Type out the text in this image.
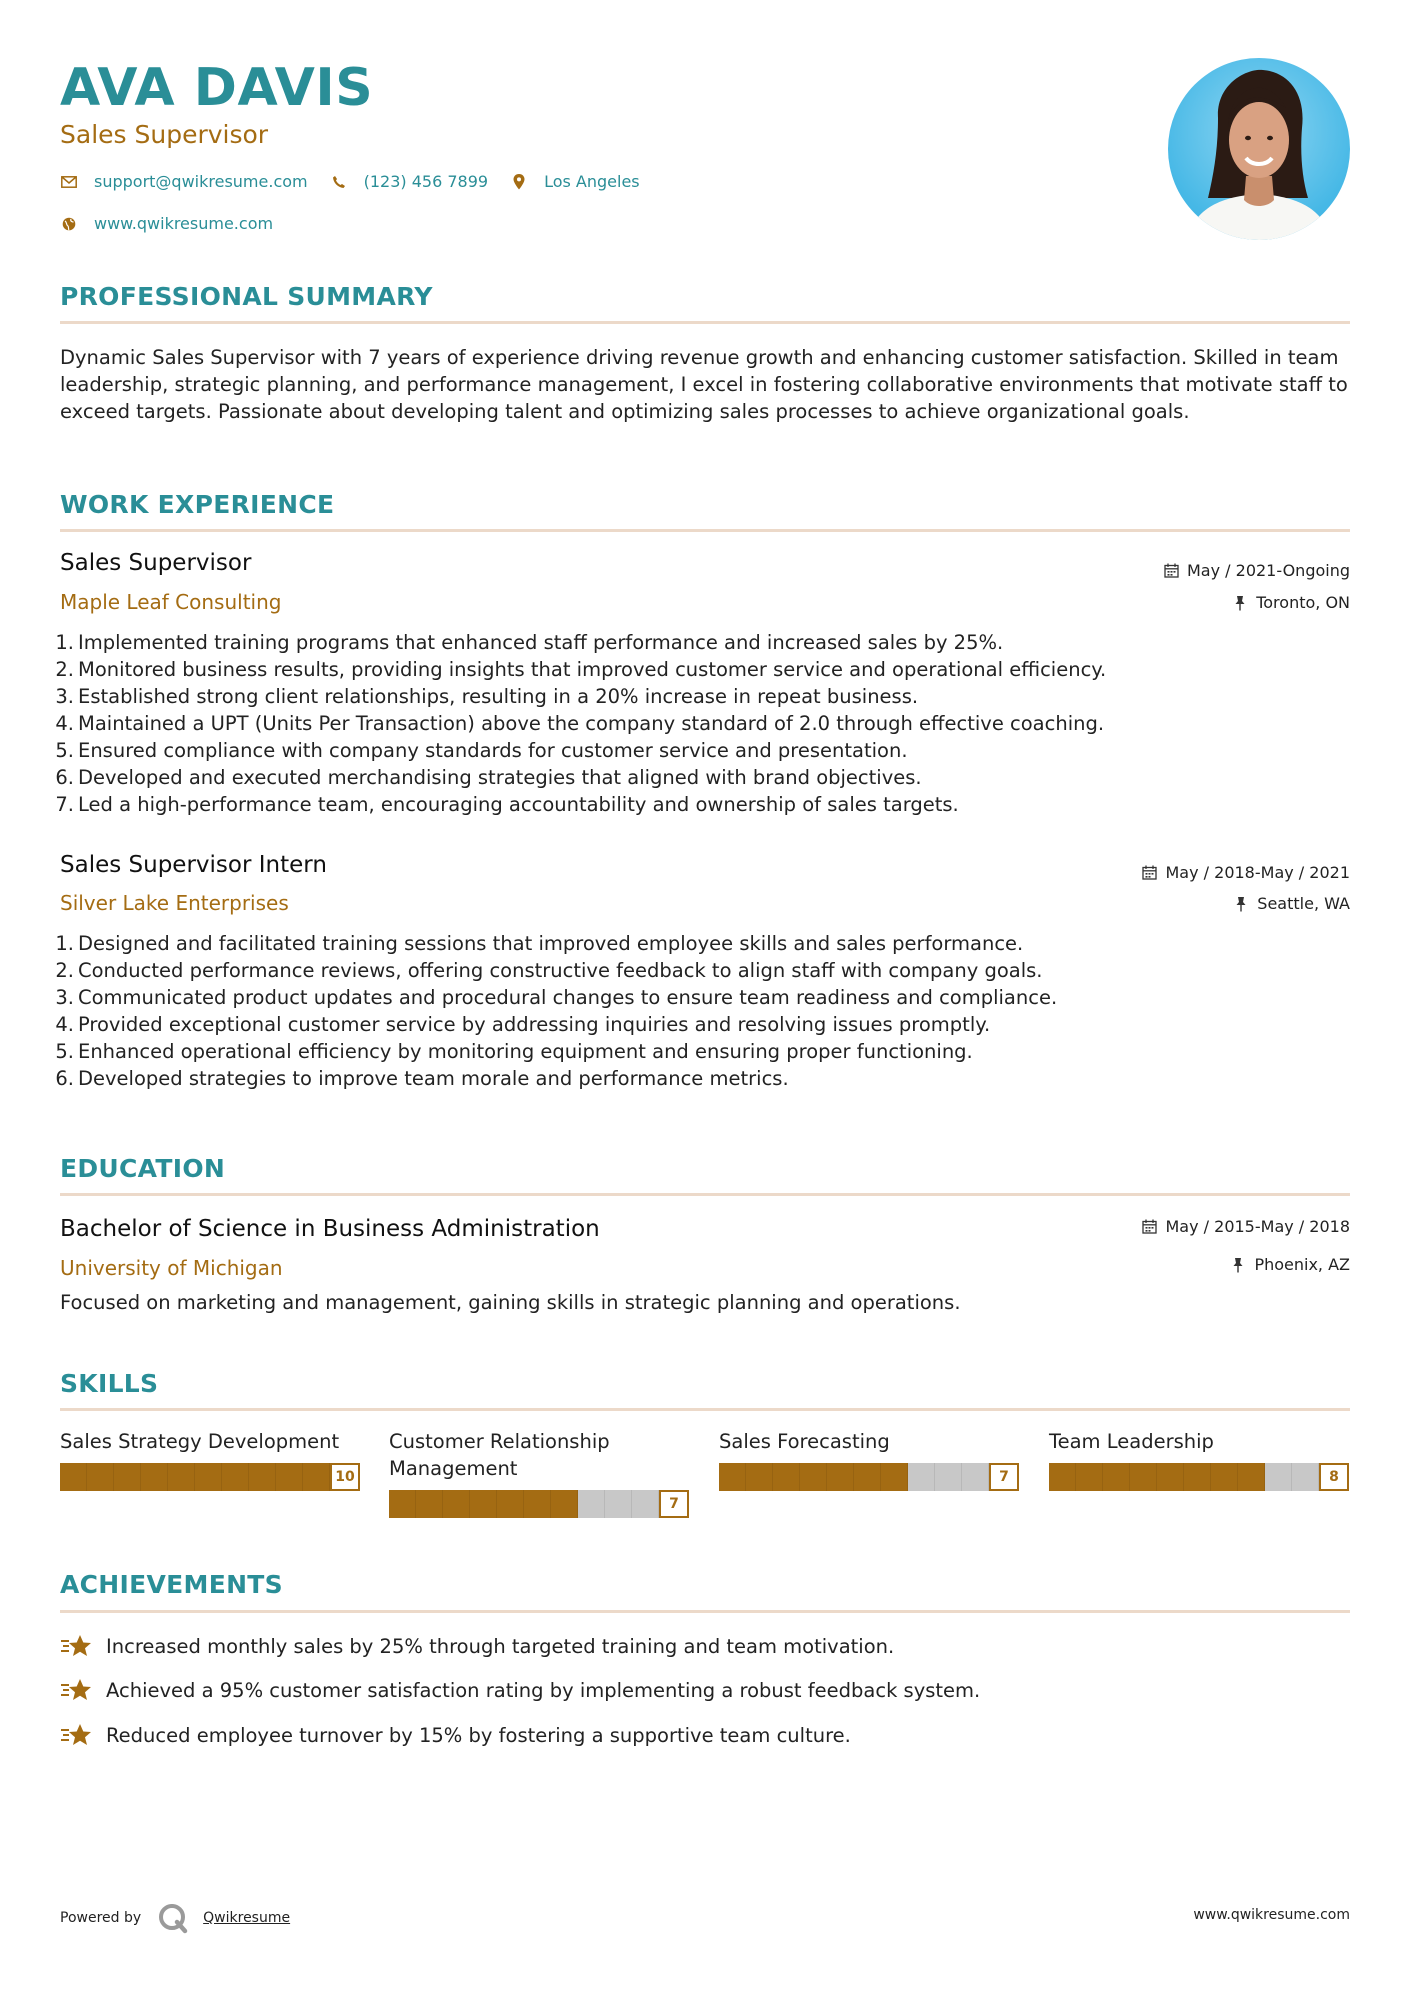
AVA DAVIS
Sales Supervisor
support@qwikresume.com	(123) 456 7899	Los Angeles
www.qwikresume.com
PROFESSIONAL SUMMARY
Dynamic Sales Supervisor with 7 years of experience driving revenue growth and enhancing customer satisfaction. Skilled in team leadership, strategic planning, and performance management, I excel in fostering collaborative environments that motivate staff to exceed targets. Passionate about developing talent and optimizing sales processes to achieve organizational goals.
WORK EXPERIENCE
Sales Supervisor
Maple Leaf Consulting
May / 2021-Ongoing
Toronto, ON
1. Implemented training programs that enhanced staff performance and increased sales by 25%.
2. Monitored business results, providing insights that improved customer service and operational efficiency.
3. Established strong client relationships, resulting in a 20% increase in repeat business.
4. Maintained a UPT (Units Per Transaction) above the company standard of 2.0 through effective coaching.
5. Ensured compliance with company standards for customer service and presentation.
6. Developed and executed merchandising strategies that aligned with brand objectives.
7. Led a high-performance team, encouraging accountability and ownership of sales targets.
Sales Supervisor Intern
Silver Lake Enterprises
May / 2018-May / 2021
Seattle, WA
1. Designed and facilitated training sessions that improved employee skills and sales performance.
2. Conducted performance reviews, offering constructive feedback to align staff with company goals.
3. Communicated product updates and procedural changes to ensure team readiness and compliance.
4. Provided exceptional customer service by addressing inquiries and resolving issues promptly.
5. Enhanced operational efficiency by monitoring equipment and ensuring proper functioning.
6. Developed strategies to improve team morale and performance metrics.
EDUCATION
Bachelor of Science in Business Administration
University of Michigan
May / 2015-May / 2018
Phoenix, AZ
Focused on marketing and management, gaining skills in strategic planning and operations.
SKILLS
Sales Strategy Development
10
Customer Relationship Management
7
Sales Forecasting
7
Team Leadership
8
ACHIEVEMENTS
Increased monthly sales by 25% through targeted training and team motivation.
Achieved a 95% customer satisfaction rating by implementing a robust feedback system.
Reduced employee turnover by 15% by fostering a supportive team culture.
Powered by	Qwikresume	www.qwikresume.com
